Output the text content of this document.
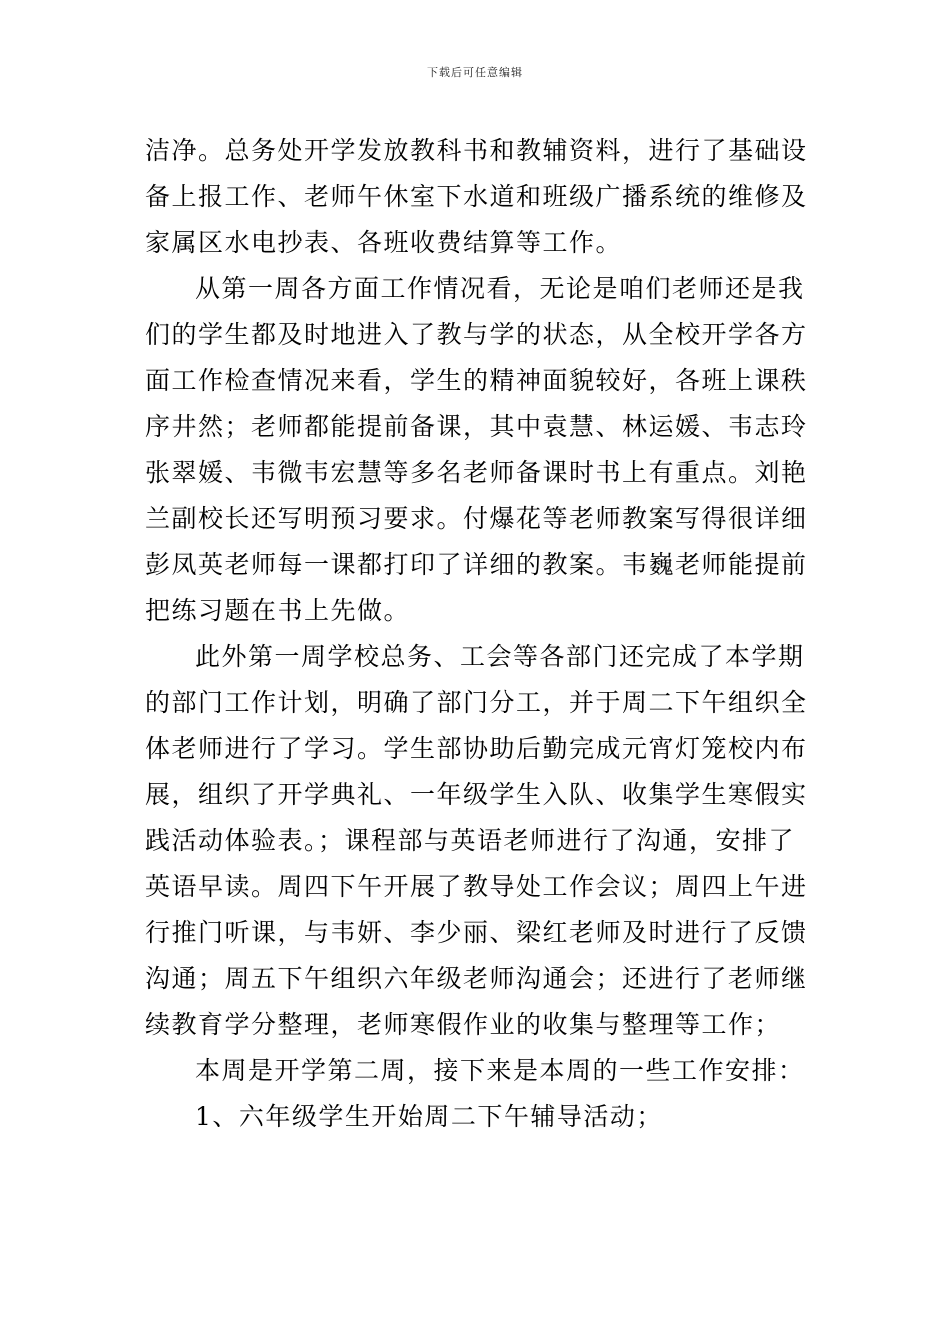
下载后可任意编辑
洁净。总务处开学发放教科书和教辅资料，进行了基础设
备上报工作、老师午休室下水道和班级广播系统的维修及
家属区水电抄表、各班收费结算等工作。
从第一周各方面工作情况看，无论是咱们老师还是我
们的学生都及时地进入了教与学的状态，从全校开学各方
面工作检查情况来看，学生的精神面貌较好，各班上课秩
序井然；老师都能提前备课，其中袁慧、林运媛、韦志玲
张翠媛、韦微韦宏慧等多名老师备课时书上有重点。刘艳
兰副校长还写明预习要求。付爆花等老师教案写得很详细
彭凤英老师每一课都打印了详细的教案。韦巍老师能提前
把练习题在书上先做。
此外第一周学校总务、工会等各部门还完成了本学期
的部门工作计划，明确了部门分工，并于周二下午组织全
体老师进行了学习。学生部协助后勤完成元宵灯笼校内布
展，组织了开学典礼、一年级学生入队、收集学生寒假实
践活动体验表。；课程部与英语老师进行了沟通，安排了
英语早读。周四下午开展了教导处工作会议；周四上午进
行推门听课，与韦妍、李少丽、梁红老师及时进行了反馈
沟通；周五下午组织六年级老师沟通会；还进行了老师继
续教育学分整理，老师寒假作业的收集与整理等工作；
本周是开学第二周，接下来是本周的一些工作安排：
1、六年级学生开始周二下午辅导活动；
